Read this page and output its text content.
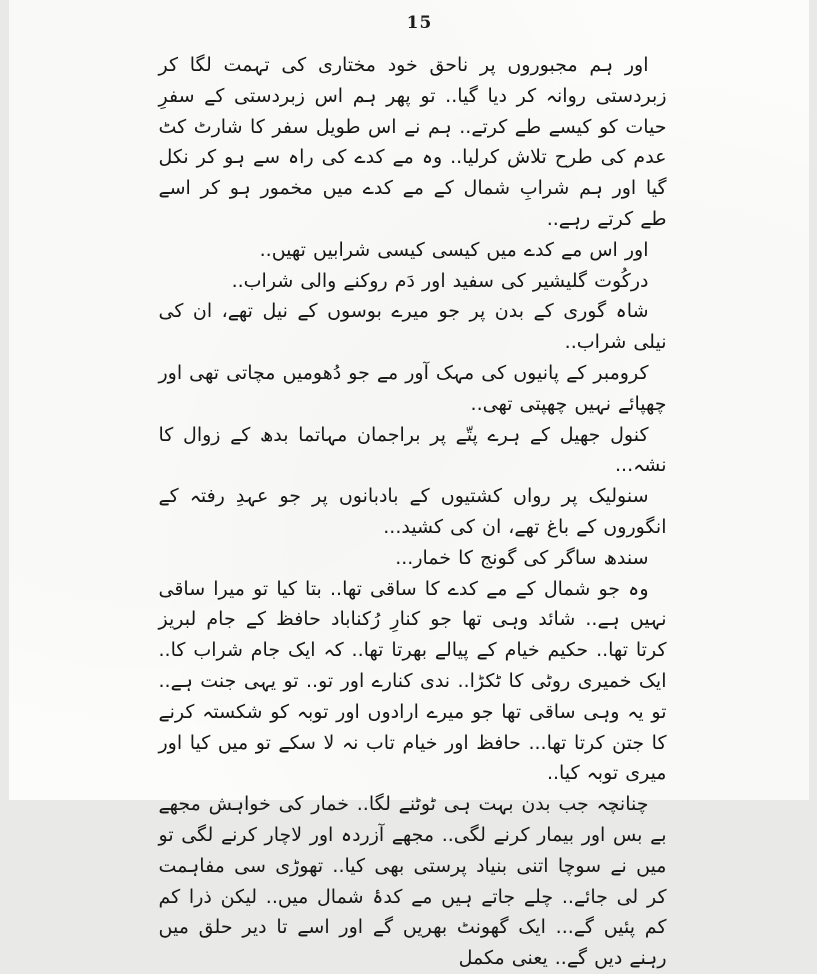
15

اور ہم مجبوروں پر ناحق خود مختاری کی تہمت لگا کر زبردستی روانہ کر دیا گیا.. تو پھر ہم اس زبردستی کے سفرِ حیات کو کیسے طے کرتے.. ہم نے اس طویل سفر کا شارٹ کٹ عدم کی طرح تلاش کرلیا.. وہ مے کدے کی راہ سے ہو کر نکل گیا اور ہم شرابِ شمال کے مے کدے میں مخمور ہو کر اسے طے کرتے رہے..

اور اس مے کدے میں کیسی کیسی شرابیں تھیں..

درکُوت گلیشیر کی سفید اور دَم روکنے والی شراب..

شاہ گوری کے بدن پر جو میرے بوسوں کے نیل تھے، ان کی نیلی شراب..

کرومبر کے پانیوں کی مہک آور مے جو دُھومیں مچاتی تھی اور چھپائے نہیں چھپتی تھی..

کنول جھیل کے ہرے پتّے پر براجمان مہاتما بدھ کے زوال کا نشہ...

سنولیک پر رواں کشتیوں کے بادبانوں پر جو عہدِ رفتہ کے انگوروں کے باغ تھے، ان کی کشید...

سندھ ساگر کی گونج کا خمار...

وہ جو شمال کے مے کدے کا ساقی تھا.. بتا کیا تو میرا ساقی نہیں ہے.. شائد وہی تھا جو کنارِ رُکناباد حافظ کے جام لبریز کرتا تھا.. حکیم خیام کے پیالے بھرتا تھا.. کہ ایک جام شراب کا.. ایک خمیری روٹی کا ٹکڑا.. ندی کنارے اور تو.. تو یہی جنت ہے.. تو یہ وہی ساقی تھا جو میرے ارادوں اور توبہ کو شکستہ کرنے کا جتن کرتا تھا... حافظ اور خیام تاب نہ لا سکے تو میں کیا اور میری توبہ کیا..

چنانچہ جب بدن بہت ہی ٹوٹنے لگا.. خمار کی خواہش مجھے بے بس اور بیمار کرنے لگی.. مجھے آزردہ اور لاچار کرنے لگی تو میں نے سوچا اتنی بنیاد پرستی بھی کیا.. تھوڑی سی مفاہمت کر لی جائے.. چلے جاتے ہیں مے کدۂ شمال میں.. لیکن ذرا کم کم پئیں گے... ایک گھونٹ بھریں گے اور اسے تا دیر حلق میں رہنے دیں گے.. یعنی مکمل
